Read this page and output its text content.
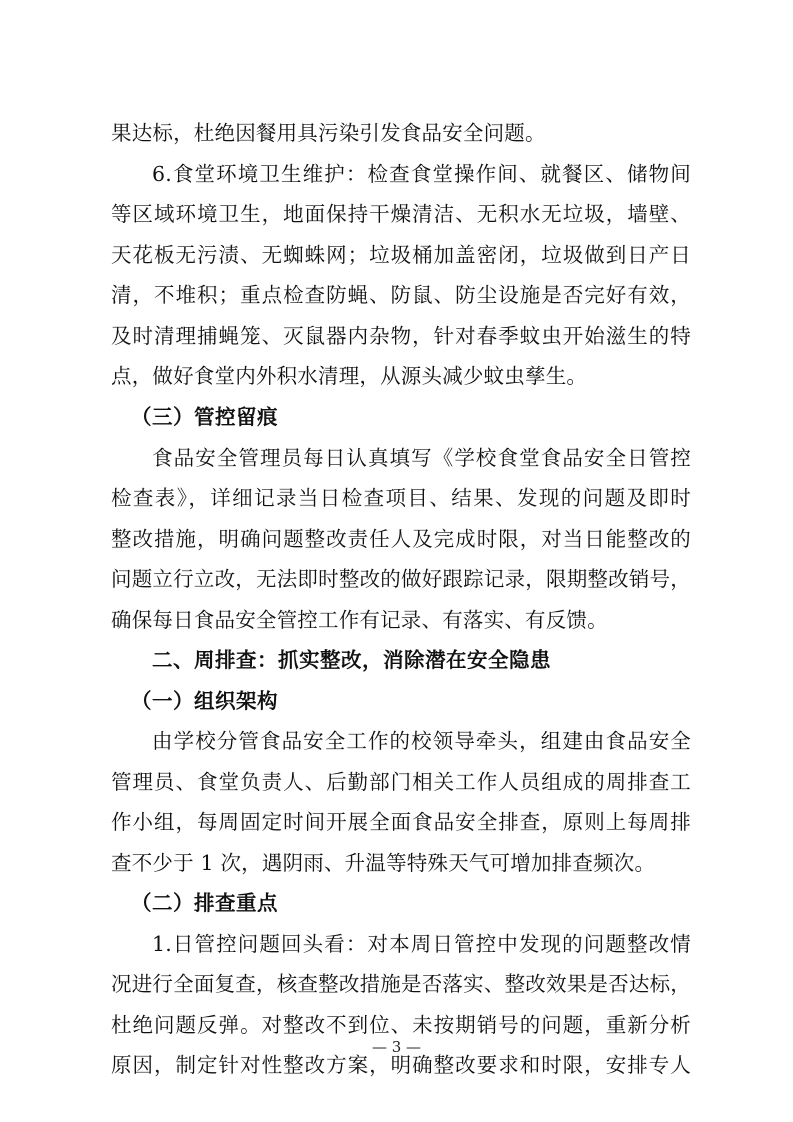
果达标，杜绝因餐用具污染引发食品安全问题。
6.食堂环境卫生维护：检查食堂操作间、就餐区、储物间
等区域环境卫生，地面保持干燥清洁、无积水无垃圾，墙壁、
天花板无污渍、无蜘蛛网；垃圾桶加盖密闭，垃圾做到日产日
清，不堆积；重点检查防蝇、防鼠、防尘设施是否完好有效，
及时清理捕蝇笼、灭鼠器内杂物，针对春季蚊虫开始滋生的特
点，做好食堂内外积水清理，从源头减少蚊虫孳生。
（三）管控留痕
食品安全管理员每日认真填写《学校食堂食品安全日管控
检查表》，详细记录当日检查项目、结果、发现的问题及即时
整改措施，明确问题整改责任人及完成时限，对当日能整改的
问题立行立改，无法即时整改的做好跟踪记录，限期整改销号，
确保每日食品安全管控工作有记录、有落实、有反馈。
二、周排查：抓实整改，消除潜在安全隐患
（一）组织架构
由学校分管食品安全工作的校领导牵头，组建由食品安全
管理员、食堂负责人、后勤部门相关工作人员组成的周排查工
作小组，每周固定时间开展全面食品安全排查，原则上每周排
查不少于 1 次，遇阴雨、升温等特殊天气可增加排查频次。
（二）排查重点
1.日管控问题回头看：对本周日管控中发现的问题整改情
况进行全面复查，核查整改措施是否落实、整改效果是否达标，
杜绝问题反弹。对整改不到位、未按期销号的问题，重新分析
原因，制定针对性整改方案，明确整改要求和时限，安排专人
— 3 —
